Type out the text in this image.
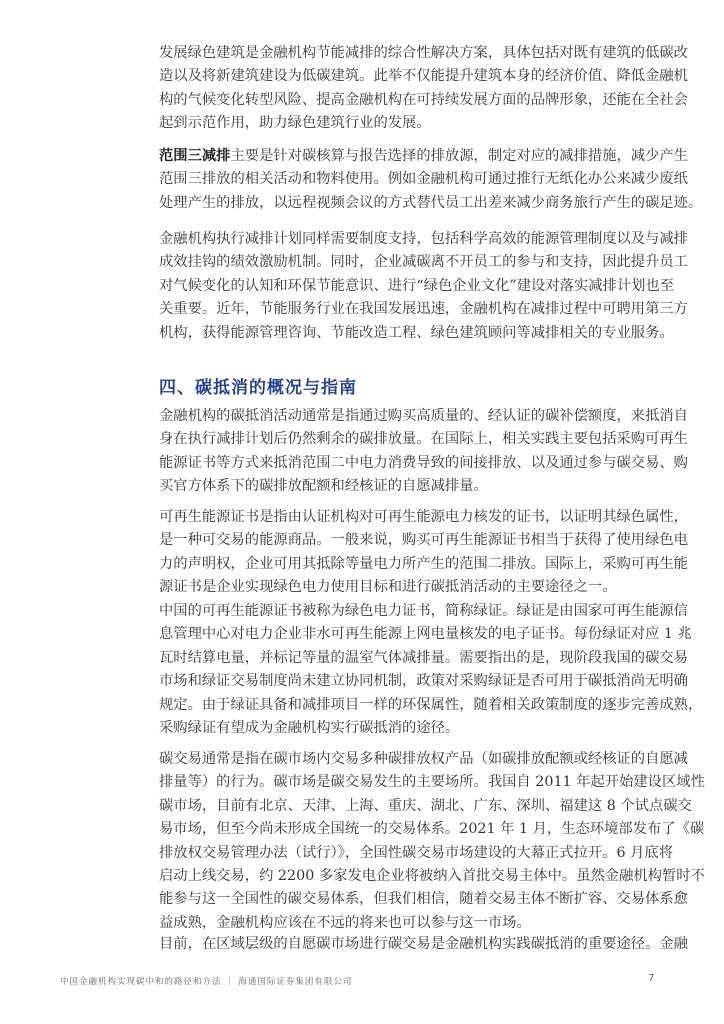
发展绿色建筑是金融机构节能减排的综合性解决方案，具体包括对既有建筑的低碳改
造以及将新建筑建设为低碳建筑。此举不仅能提升建筑本身的经济价值、降低金融机
构的气候变化转型风险、提高金融机构在可持续发展方面的品牌形象，还能在全社会
起到示范作用，助力绿色建筑行业的发展。
范围三减排主要是针对碳核算与报告选择的排放源，制定对应的减排措施，减少产生
范围三排放的相关活动和物料使用。例如金融机构可通过推行无纸化办公来减少废纸
处理产生的排放，以远程视频会议的方式替代员工出差来减少商务旅行产生的碳足迹。
金融机构执行减排计划同样需要制度支持，包括科学高效的能源管理制度以及与减排
成效挂钩的绩效激励机制。同时，企业减碳离不开员工的参与和支持，因此提升员工
对气候变化的认知和环保节能意识、进行“绿色企业文化”建设对落实减排计划也至
关重要。近年，节能服务行业在我国发展迅速，金融机构在减排过程中可聘用第三方
机构，获得能源管理咨询、节能改造工程、绿色建筑顾问等减排相关的专业服务。
四、碳抵消的概况与指南
金融机构的碳抵消活动通常是指通过购买高质量的、经认证的碳补偿额度，来抵消自
身在执行减排计划后仍然剩余的碳排放量。在国际上，相关实践主要包括采购可再生
能源证书等方式来抵消范围二中电力消费导致的间接排放、以及通过参与碳交易、购
买官方体系下的碳排放配额和经核证的自愿减排量。
可再生能源证书是指由认证机构对可再生能源电力核发的证书，以证明其绿色属性，
是一种可交易的能源商品。一般来说，购买可再生能源证书相当于获得了使用绿色电
力的声明权，企业可用其抵除等量电力所产生的范围二排放。国际上，采购可再生能
源证书是企业实现绿色电力使用目标和进行碳抵消活动的主要途径之一。
中国的可再生能源证书被称为绿色电力证书，简称绿证。绿证是由国家可再生能源信
息管理中心对电力企业非水可再生能源上网电量核发的电子证书。每份绿证对应 1 兆
瓦时结算电量，并标记等量的温室气体减排量。需要指出的是，现阶段我国的碳交易
市场和绿证交易制度尚未建立协同机制，政策对采购绿证是否可用于碳抵消尚无明确
规定。由于绿证具备和减排项目一样的环保属性，随着相关政策制度的逐步完善成熟，
采购绿证有望成为金融机构实行碳抵消的途径。
碳交易通常是指在碳市场内交易多种碳排放权产品（如碳排放配额或经核证的自愿减
排量等）的行为。碳市场是碳交易发生的主要场所。我国自 2011 年起开始建设区域性
碳市场，目前有北京、天津、上海、重庆、湖北、广东、深圳、福建这 8 个试点碳交
易市场，但至今尚未形成全国统一的交易体系。2021 年 1 月，生态环境部发布了《碳
排放权交易管理办法（试行）》，全国性碳交易市场建设的大幕正式拉开。6 月底将
启动上线交易，约 2200 多家发电企业将被纳入首批交易主体中。虽然金融机构暂时不
能参与这一全国性的碳交易体系，但我们相信，随着交易主体不断扩容、交易体系愈
益成熟，金融机构应该在不远的将来也可以参与这一市场。
目前，在区域层级的自愿碳市场进行碳交易是金融机构实践碳抵消的重要途径。金融
中国金融机构实现碳中和的路径和方法 ｜ 海通国际证券集团有限公司	7
